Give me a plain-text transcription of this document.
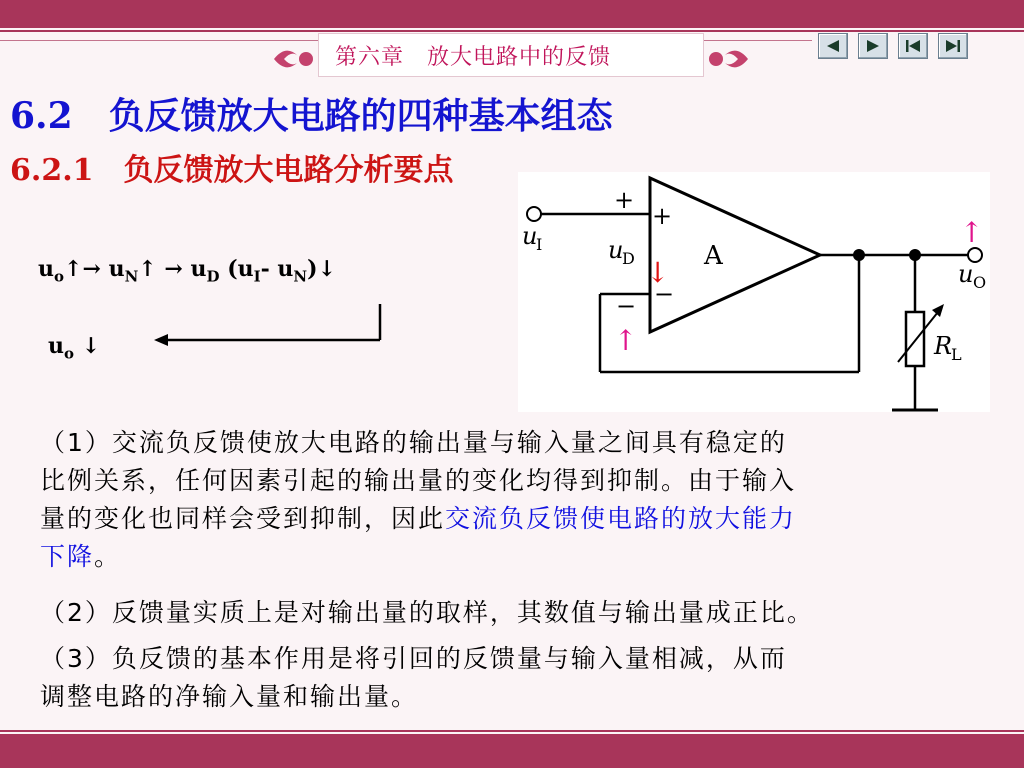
第六章　放大电路中的反馈
6.2　负反馈放大电路的四种基本组态
6.2.1　负反馈放大电路分析要点
$u_o↑\to$ $u_N↑ \to u_D$ ($u_I-$ $u_N)↓$
$u_o$ ↓
+
+
−
−
A
u
I	u
D
u O
R
L
↑
↓
↑
（1）交流负反馈使放大电路的输出量与输入量之间具有稳定的
比例关系，任何因素引起的输出量的变化均得到抑制。由于输入
量的变化也同样会受到抑制，因此交流负反馈使电路的放大能力
下降。
（2）反馈量实质上是对输出量的取样，其数值与输出量成正比。
（3）负反馈的基本作用是将引回的反馈量与输入量相减，从而
调整电路的净输入量和输出量。
